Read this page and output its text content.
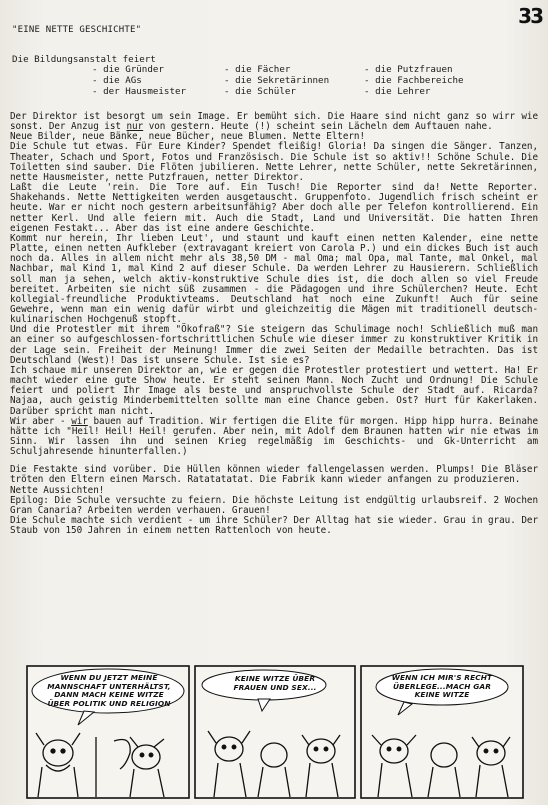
33
"EINE NETTE GESCHICHTE"
Die Bildungsanstalt feiert
- die Gründer
- die AGs
- der Hausmeister
- die Fächer
- die Sekretärinnen
- die Schüler
- die Putzfrauen
- die Fachbereiche
- die Lehrer

Der Direktor ist besorgt um sein Image. Er bemüht sich. Die Haare sind nicht ganz so wirr wie sonst. Der Anzug ist nur von gestern. Heute (!) scheint sein Lächeln dem Auftauen nahe.

Neue Bilder, neue Bänke, neue Bücher, neue Blumen. Nette Eltern!

Die Schule tut etwas. Für Eure Kinder? Spendet fleißig! Gloria! Da singen die Sänger. Tanzen, Theater, Schach und Sport, Fotos und Französisch. Die Schule ist so aktiv!! Schöne Schule. Die Toiletten sind sauber. Die Flöten jubilieren. Nette Lehrer, nette Schüler, nette Sekretärinnen, nette Hausmeister, nette Putzfrauen, netter Direktor.

Laßt die Leute 'rein. Die Tore auf. Ein Tusch! Die Reporter sind da! Nette Reporter. Shakehands. Nette Nettigkeiten werden ausgetauscht. Gruppenfoto. Jugendlich frisch scheint er heute. War er nicht noch gestern arbeitsunfähig? Aber doch alle per Telefon kontrollierend. Ein netter Kerl. Und alle feiern mit. Auch die Stadt, Land und Universität. Die hatten Ihren eigenen Festakt... Aber das ist eine andere Geschichte.

Kommt nur herein, Ihr lieben Leut', und staunt und kauft einen netten Kalender, eine nette Platte, einen netten Aufkleber (extravagant kreiert von Carola P.) und ein dickes Buch ist auch noch da. Alles in allem nicht mehr als 38,50 DM - mal Oma; mal Opa, mal Tante, mal Onkel, mal Nachbar, mal Kind 1, mal Kind 2 auf dieser Schule. Da werden Lehrer zu Hausierern. Schließlich soll man ja sehen, welch aktiv-konstruktive Schule dies ist, die doch allen so viel Freude bereitet. Arbeiten sie nicht süß zusammen - die Pädagogen und ihre Schülerchen? Heute. Echt kollegial-freundliche Produktivteams. Deutschland hat noch eine Zukunft! Auch für seine Gewehre, wenn man ein wenig dafür wirbt und gleichzeitig die Mägen mit traditionell deutsch-kulinarischen Hochgenuß stopft.

Und die Protestler mit ihrem "Ökofraß"? Sie steigern das Schulimage noch! Schließlich muß man an einer so aufgeschlossen-fortschrittlichen Schule wie dieser immer zu konstruktiver Kritik in der Lage sein. Freiheit der Meinung! Immer die zwei Seiten der Medaille betrachten. Das ist Deutschland (West)! Das ist unsere Schule. Ist sie es?

Ich schaue mir unseren Direktor an, wie er gegen die Protestler protestiert und wettert. Ha! Er macht wieder eine gute Show heute. Er steht seinen Mann. Noch Zucht und Ordnung! Die Schule feiert und poliert Ihr Image als beste und anspruchvollste Schule der Stadt auf. Ricarda? Najaa, auch geistig Minderbemittelten sollte man eine Chance geben. Ost? Hurt für Kakerlaken. Darüber spricht man nicht.

Wir aber - wir bauen auf Tradition. Wir fertigen die Elite für morgen. Hipp hipp hurra. Beinahe hätte ich "Heil! Heil! Heil! gerufen. Aber nein, mit Adolf dem Braunen hatten wir nie etwas im Sinn. Wir lassen ihn und seinen Krieg regelmäßig im Geschichts- und Gk-Unterricht am Schuljahresende hinunterfallen.)

Die Festakte sind vorüber. Die Hüllen können wieder fallengelassen werden. Plumps! Die Bläser tröten den Eltern einen Marsch. Ratatatatat. Die Fabrik kann wieder anfangen zu produzieren.

Nette Aussichten!

Epilog: Die Schule versuchte zu feiern. Die höchste Leitung ist endgültig urlaubsreif. 2 Wochen Gran Canaria? Arbeiten werden verhauen. Grauen!

Die Schule machte sich verdient - um ihre Schüler? Der Alltag hat sie wieder. Grau in grau. Der Staub von 150 Jahren in einem netten Rattenloch von heute.

WENN DU JETZT MEINE
MANNSCHAFT UNTERHÄLTST,
DANN MACH KEINE WITZE
ÜBER POLITIK UND RELIGION
KEINE WITZE ÜBER
FRAUEN UND SEX...
WENN ICH MIR'S RECHT
ÜBERLEGE...MACH GAR
KEINE WITZE
